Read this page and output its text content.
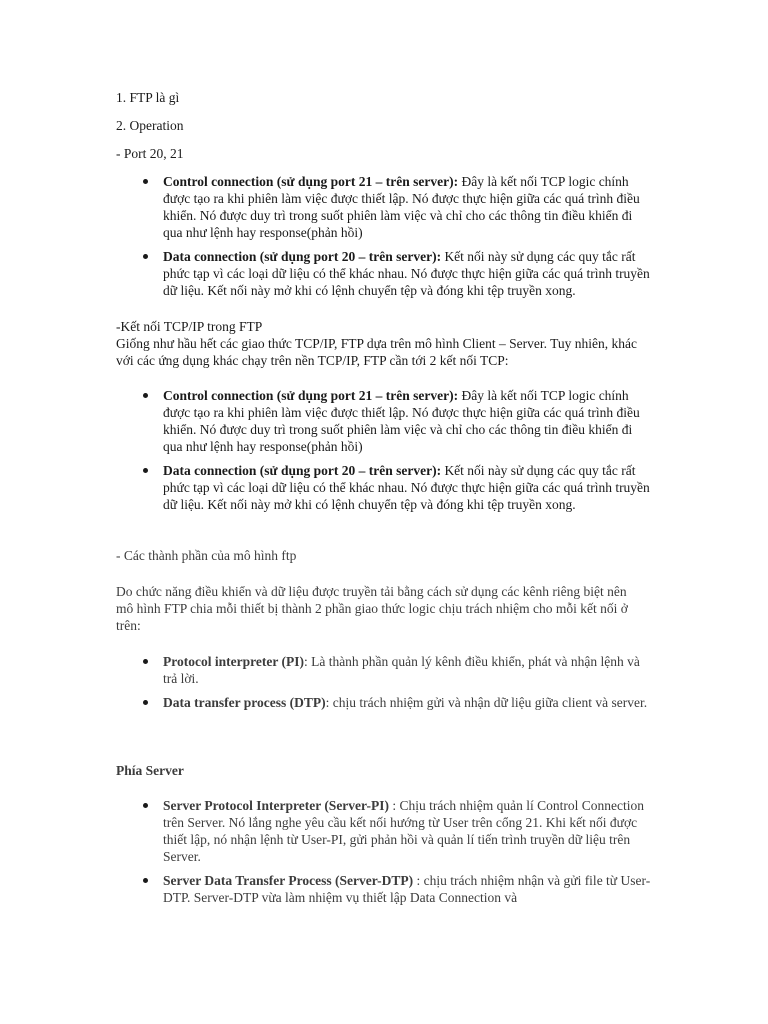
1. FTP là gì

2. Operation

- Port 20, 21

Control connection (sử dụng port 21 – trên server): Đây là kết nối TCP logic chính được tạo ra khi phiên làm việc được thiết lập. Nó được thực hiện giữa các quá trình điều khiển. Nó được duy trì trong suốt phiên làm việc và chỉ cho các thông tin điều khiển đi qua như lệnh hay response(phản hồi)
Data connection (sử dụng port 20 – trên server): Kết nối này sử dụng các quy tắc rất phức tạp vì các loại dữ liệu có thể khác nhau. Nó được thực hiện giữa các quá trình truyền dữ liệu. Kết nối này mở khi có lệnh chuyển tệp và đóng khi tệp truyền xong.

-Kết nối TCP/IP trong FTP

Giống như hầu hết các giao thức TCP/IP, FTP dựa trên mô hình Client – Server. Tuy nhiên, khác với các ứng dụng khác chạy trên nền TCP/IP, FTP cần tới 2 kết nối TCP:

Control connection (sử dụng port 21 – trên server): Đây là kết nối TCP logic chính được tạo ra khi phiên làm việc được thiết lập. Nó được thực hiện giữa các quá trình điều khiển. Nó được duy trì trong suốt phiên làm việc và chỉ cho các thông tin điều khiển đi qua như lệnh hay response(phản hồi)
Data connection (sử dụng port 20 – trên server): Kết nối này sử dụng các quy tắc rất phức tạp vì các loại dữ liệu có thể khác nhau. Nó được thực hiện giữa các quá trình truyền dữ liệu. Kết nối này mở khi có lệnh chuyển tệp và đóng khi tệp truyền xong.

- Các thành phần của mô hình ftp

Do chức năng điều khiển và dữ liệu được truyền tải bằng cách sử dụng các kênh riêng biệt nên mô hình FTP chia mỗi thiết bị thành 2 phần giao thức logic chịu trách nhiệm cho mỗi kết nối ở trên:

Protocol interpreter (PI): Là thành phần quản lý kênh điều khiển, phát và nhận lệnh và trả lời.
Data transfer process (DTP): chịu trách nhiệm gửi và nhận dữ liệu giữa client và server.

Phía Server

Server Protocol Interpreter (Server-PI) : Chịu trách nhiệm quản lí Control Connection trên Server. Nó lắng nghe yêu cầu kết nối hướng từ User trên cổng 21. Khi kết nối được thiết lập, nó nhận lệnh từ User-PI, gửi phản hồi và quản lí tiến trình truyền dữ liệu trên Server.
Server Data Transfer Process (Server-DTP) : chịu trách nhiệm nhận và gửi file từ User-DTP. Server-DTP vừa làm nhiệm vụ thiết lập Data Connection và
